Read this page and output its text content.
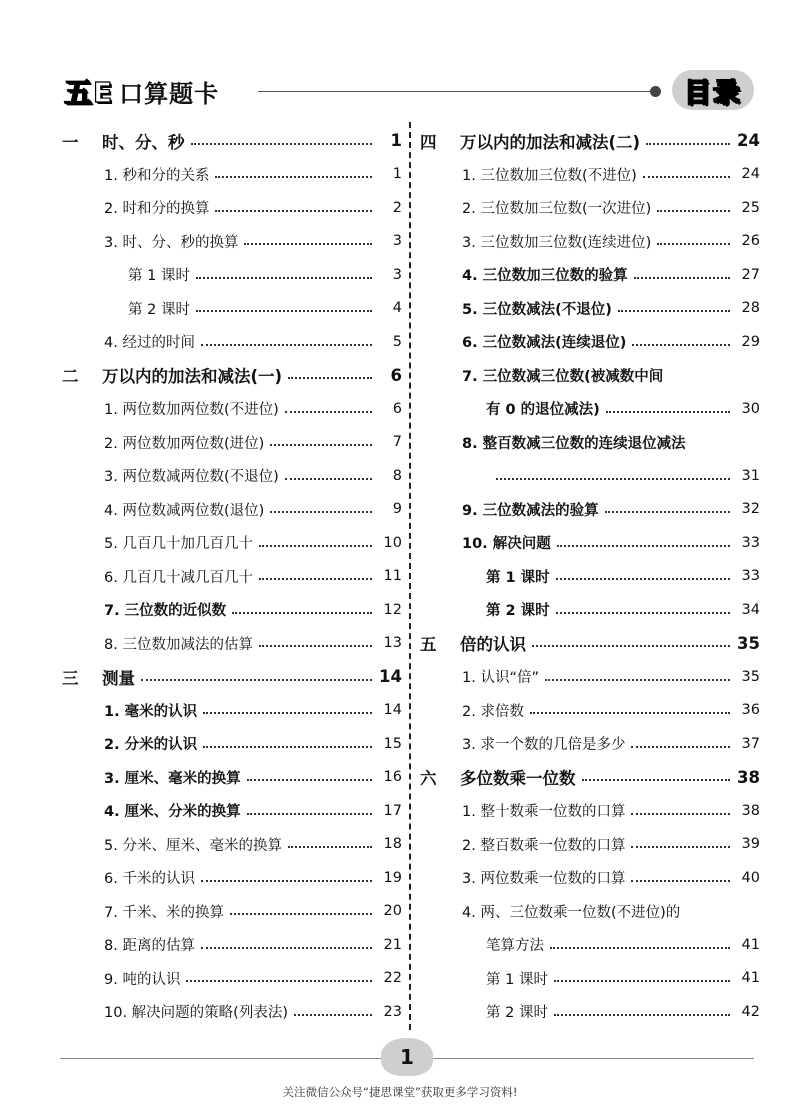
五E 口算题卡	目录
一 时、分、秒	1
1. 秒和分的关系	1
2. 时和分的换算	2
3. 时、分、秒的换算	3
第 1 课时	3
第 2 课时	4
4. 经过的时间	5
二 万以内的加法和减法(一)	6
1. 两位数加两位数(不进位)	6
2. 两位数加两位数(进位)	7
3. 两位数减两位数(不退位)	8
4. 两位数减两位数(退位)	9
5. 几百几十加几百几十	10
6. 几百几十减几百几十	11
7. 三位数的近似数	12
8. 三位数加减法的估算	13
三 测量	14
1. 毫米的认识	14
2. 分米的认识	15
3. 厘米、毫米的换算	16
4. 厘米、分米的换算	17
5. 分米、厘米、毫米的换算	18
6. 千米的认识	19
7. 千米、米的换算	20
8. 距离的估算	21
9. 吨的认识	22
10. 解决问题的策略(列表法)	23
四 万以内的加法和减法(二)	24
1. 三位数加三位数(不进位)	24
2. 三位数加三位数(一次进位)	25
3. 三位数加三位数(连续进位)	26
4. 三位数加三位数的验算	27
5. 三位数减法(不退位)	28
6. 三位数减法(连续退位)	29
7. 三位数减三位数(被减数中间
有 0 的退位减法)	30
8. 整百数减三位数的连续退位减法
31
9. 三位数减法的验算	32
10. 解决问题	33
第 1 课时	33
第 2 课时	34
五 倍的认识	35
1. 认识“倍”	35
2. 求倍数	36
3. 求一个数的几倍是多少	37
六 多位数乘一位数	38
1. 整十数乘一位数的口算	38
2. 整百数乘一位数的口算	39
3. 两位数乘一位数的口算	40
4. 两、三位数乘一位数(不进位)的
笔算方法	41
第 1 课时	41
第 2 课时	42
1
关注微信公众号“捷思课堂”获取更多学习资料!
